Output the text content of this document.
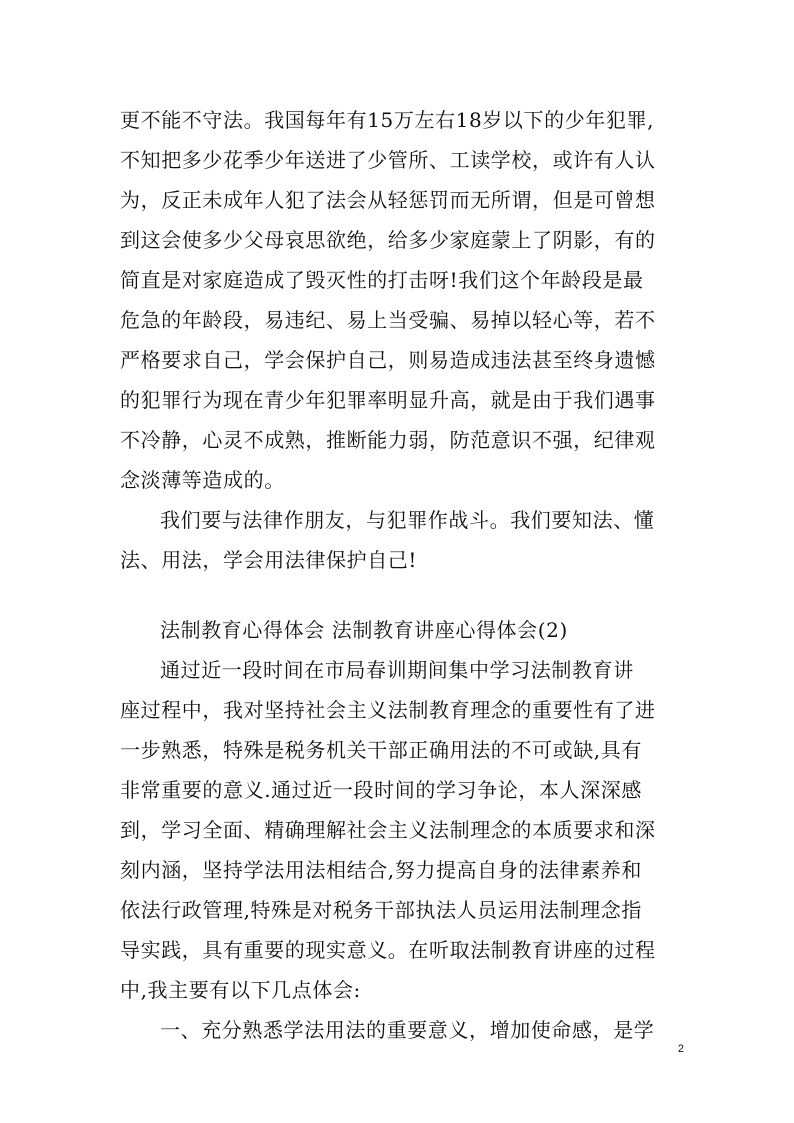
更不能不守法。我国每年有15万左右18岁以下的少年犯罪,
不知把多少花季少年送进了少管所、工读学校，或许有人认
为，反正未成年人犯了法会从轻惩罚而无所谓，但是可曾想
到这会使多少父母哀思欲绝，给多少家庭蒙上了阴影，有的
简直是对家庭造成了毁灭性的打击呀!我们这个年龄段是最
危急的年龄段，易违纪、易上当受骗、易掉以轻心等，若不
严格要求自己，学会保护自己，则易造成违法甚至终身遗憾
的犯罪行为现在青少年犯罪率明显升高，就是由于我们遇事
不冷静，心灵不成熟，推断能力弱，防范意识不强，纪律观
念淡薄等造成的。
我们要与法律作朋友，与犯罪作战斗。我们要知法、懂
法、用法，学会用法律保护自己!
法制教育心得体会 法制教育讲座心得体会(2)
通过近一段时间在市局春训期间集中学习法制教育讲
座过程中，我对坚持社会主义法制教育理念的重要性有了进
一步熟悉，特殊是税务机关干部正确用法的不可或缺,具有
非常重要的意义.通过近一段时间的学习争论，本人深深感
到，学习全面、精确理解社会主义法制理念的本质要求和深
刻内涵，坚持学法用法相结合,努力提高自身的法律素养和
依法行政管理,特殊是对税务干部执法人员运用法制理念指
导实践，具有重要的现实意义。在听取法制教育讲座的过程
中,我主要有以下几点体会:
一、充分熟悉学法用法的重要意义，增加使命感，是学
2
